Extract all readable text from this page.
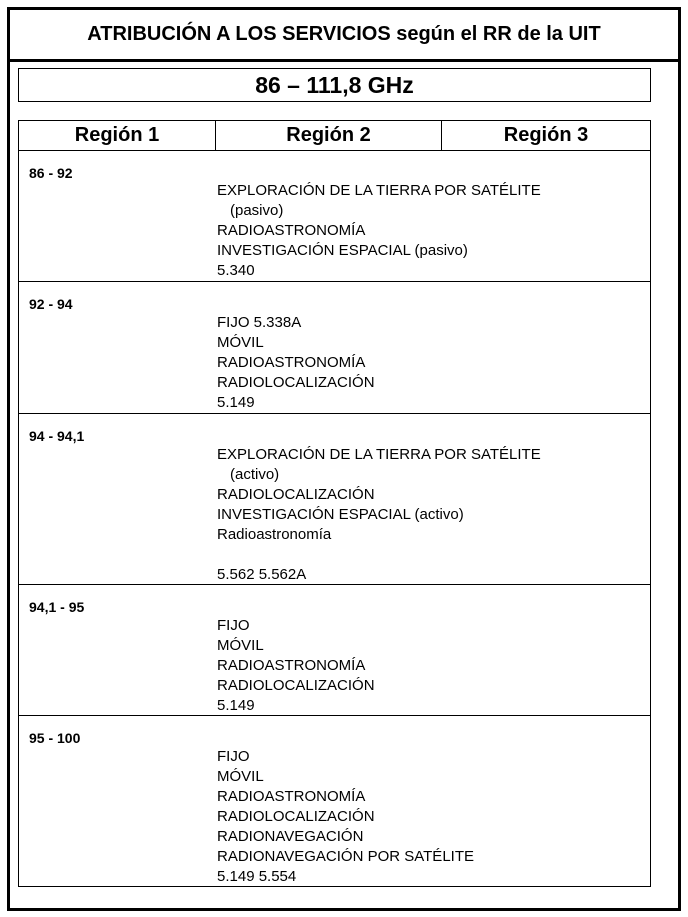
ATRIBUCIÓN A LOS SERVICIOS según el RR de la UIT
86 – 111,8 GHz
Región 1	Región 2	Región 3
86 - 92
EXPLORACIÓN DE LA TIERRA POR SATÉLITE
(pasivo)
RADIOASTRONOMÍA
INVESTIGACIÓN ESPACIAL (pasivo)
5.340
92 - 94
FIJO 5.338A
MÓVIL
RADIOASTRONOMÍA
RADIOLOCALIZACIÓN
5.149
94 - 94,1
EXPLORACIÓN DE LA TIERRA POR SATÉLITE
(activo)
RADIOLOCALIZACIÓN
INVESTIGACIÓN ESPACIAL (activo)
Radioastronomía
5.562 5.562A
94,1 - 95
FIJO
MÓVIL
RADIOASTRONOMÍA
RADIOLOCALIZACIÓN
5.149
95 - 100
FIJO
MÓVIL
RADIOASTRONOMÍA
RADIOLOCALIZACIÓN
RADIONAVEGACIÓN
RADIONAVEGACIÓN POR SATÉLITE
5.149 5.554
